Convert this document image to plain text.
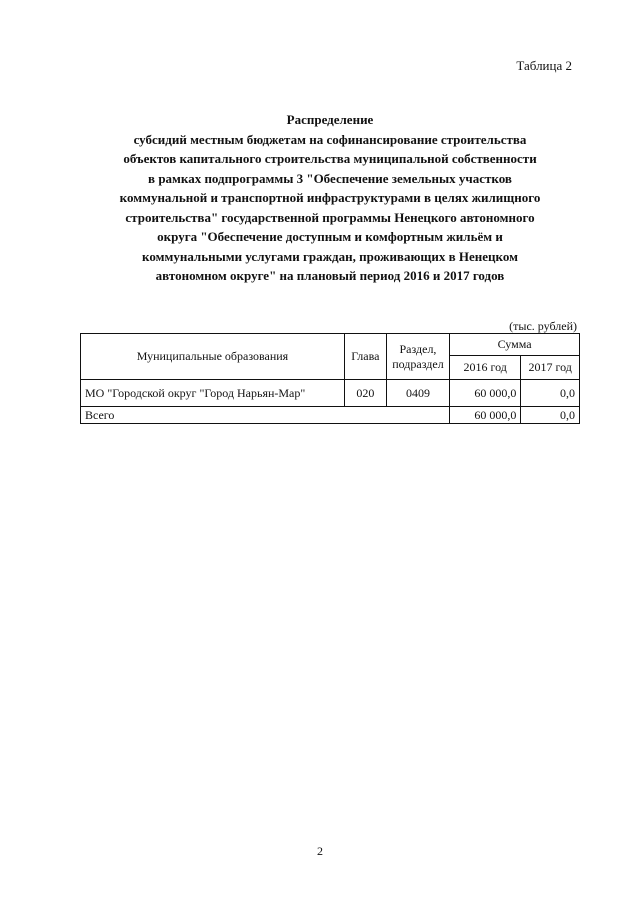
Таблица 2
Распределение
субсидий местным бюджетам на софинансирование строительства
объектов капитального строительства муниципальной собственности
в рамках подпрограммы 3 "Обеспечение земельных участков
коммунальной и транспортной инфраструктурами в целях жилищного
строительства" государственной программы Ненецкого автономного
округа "Обеспечение доступным и комфортным жильём и
коммунальными услугами граждан, проживающих в Ненецком
автономном округе" на плановый период 2016 и 2017 годов
(тыс. рублей)
Муниципальные образования	Глава	Раздел, подраздел	Сумма	
			2016 год	2017 год
МО "Городской округ "Город Нарьян-Мар"	020	0409	60 000,0	0,0
Всего			60 000,0	0,0
2
